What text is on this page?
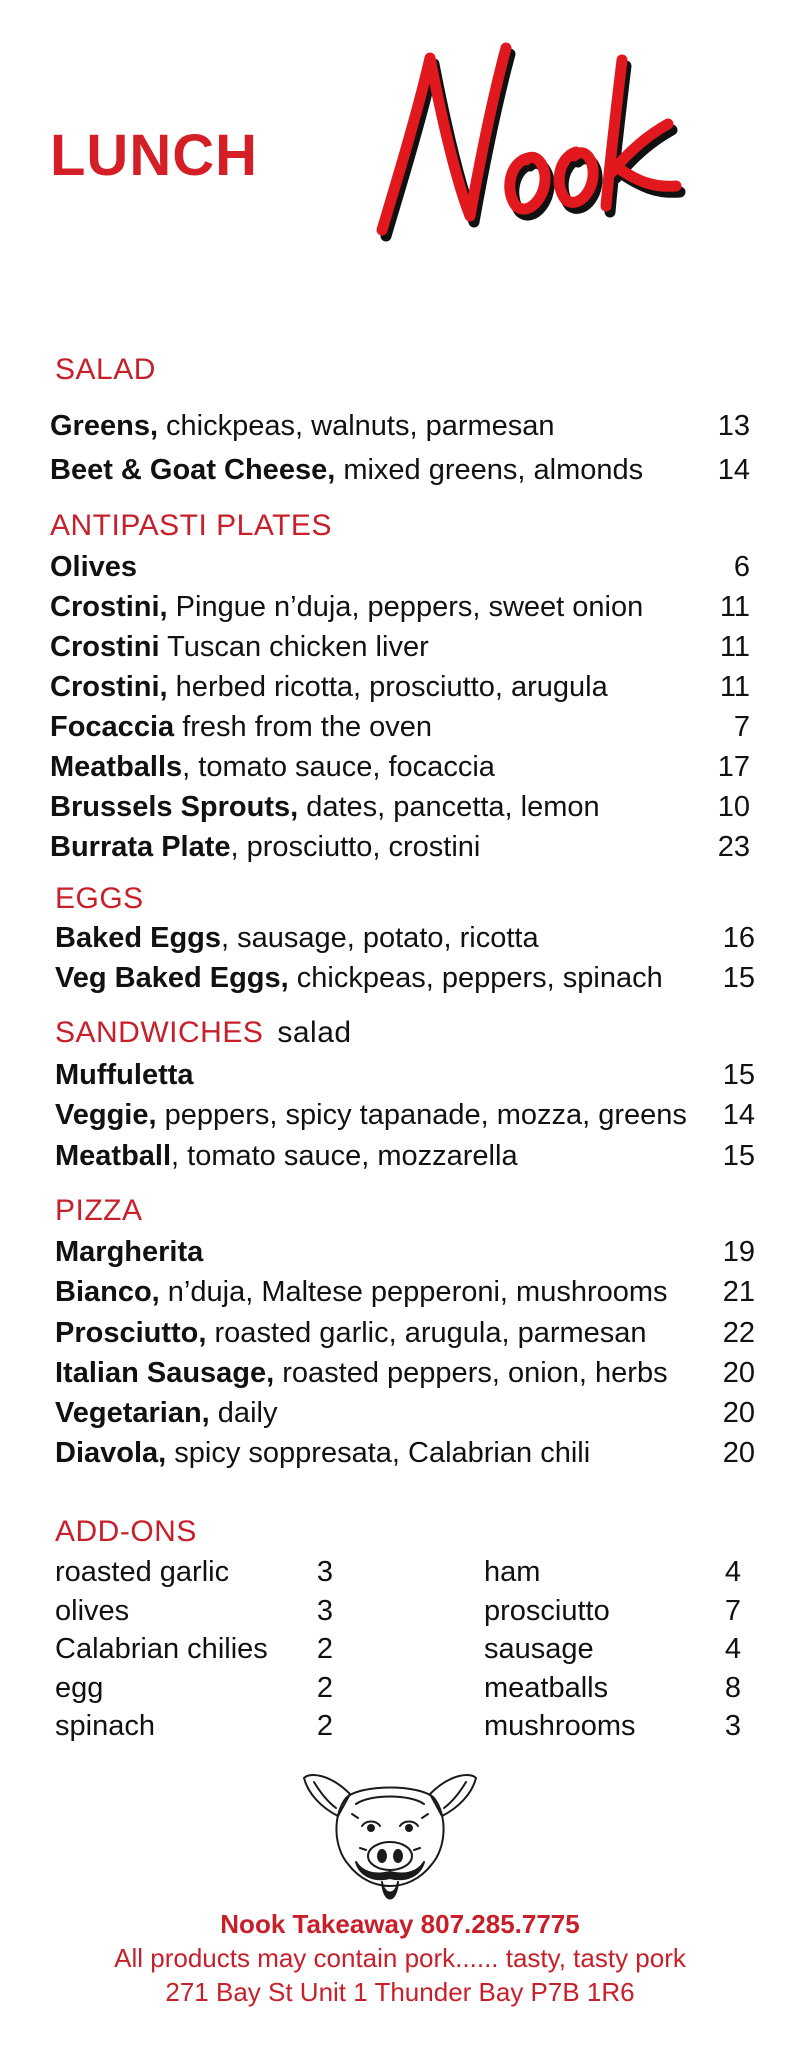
LUNCH
SALAD
Greens, chickpeas, walnuts, parmesan	13
Beet & Goat Cheese, mixed greens, almonds	14
ANTIPASTI PLATES
Olives	6
Crostini, Pingue n’duja, peppers, sweet onion	11
Crostini Tuscan chicken liver	11
Crostini, herbed ricotta, prosciutto, arugula	11
Focaccia fresh from the oven	7
Meatballs, tomato sauce, focaccia	17
Brussels Sprouts, dates, pancetta, lemon	10
Burrata Plate, prosciutto, crostini	23
EGGS
Baked Eggs, sausage, potato, ricotta	16
Veg Baked Eggs, chickpeas, peppers, spinach 15
SANDWICHES salad
Muffuletta	15
Veggie, peppers, spicy tapanade, mozza, greens 14
Meatball, tomato sauce, mozzarella	15
PIZZA
Margherita	19
Bianco, n’duja, Maltese pepperoni, mushrooms 21
Prosciutto, roasted garlic, arugula, parmesan	22
Italian Sausage, roasted peppers, onion, herbs 20
Vegetarian, daily	20
Diavola, spicy soppresata, Calabrian chili	20
ADD-ONS
roasted garlic	3
olives	3
Calabrian chilies 2
egg	2
spinach	2
ham	4
prosciutto	7
sausage	4
meatballs	8
mushrooms	3
Nook Takeaway 807.285.7775
All products may contain pork...... tasty, tasty pork
271 Bay St Unit 1 Thunder Bay P7B 1R6
